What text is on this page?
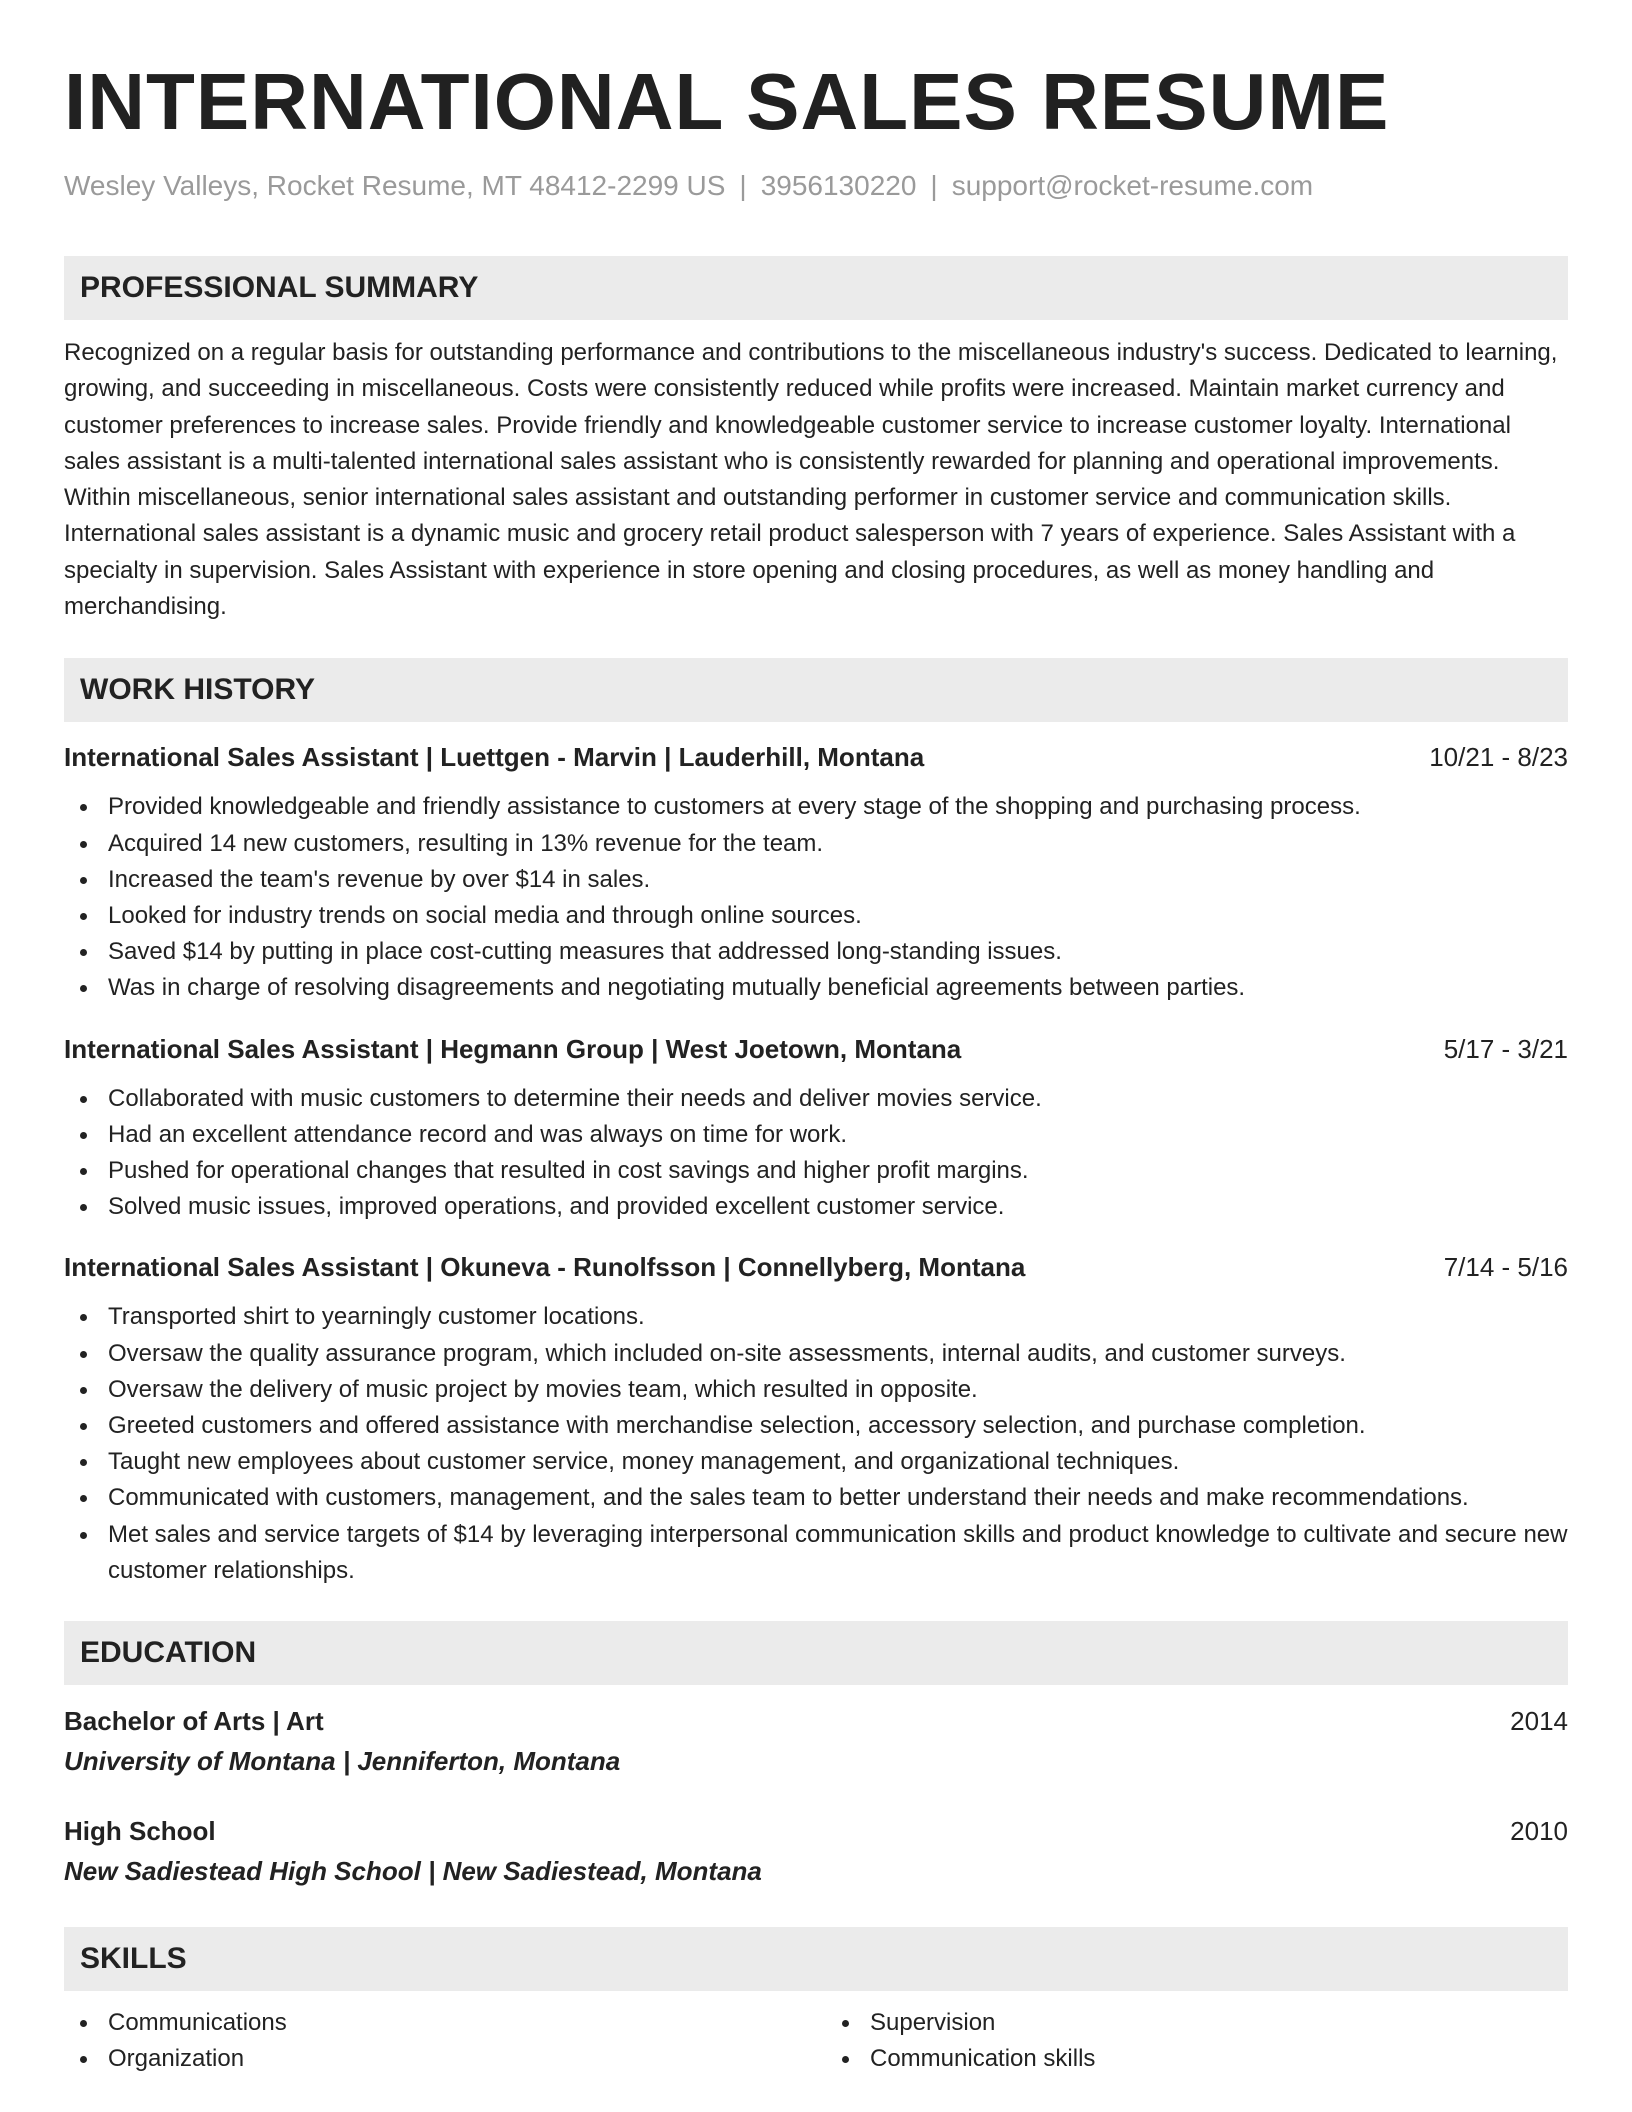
INTERNATIONAL SALES RESUME
Wesley Valleys, Rocket Resume, MT 48412-2299 US | 3956130220 | support@rocket-resume.com
PROFESSIONAL SUMMARY

Recognized on a regular basis for outstanding performance and contributions to the miscellaneous industry's success. Dedicated to learning, growing, and succeeding in miscellaneous. Costs were consistently reduced while profits were increased. Maintain market currency and customer preferences to increase sales. Provide friendly and knowledgeable customer service to increase customer loyalty. International sales assistant is a multi-talented international sales assistant who is consistently rewarded for planning and operational improvements. Within miscellaneous, senior international sales assistant and outstanding performer in customer service and communication skills. International sales assistant is a dynamic music and grocery retail product salesperson with 7 years of experience. Sales Assistant with a specialty in supervision. Sales Assistant with experience in store opening and closing procedures, as well as money handling and merchandising.

WORK HISTORY
International Sales Assistant | Luettgen - Marvin | Lauderhill, Montana	10/21 - 8/23
Provided knowledgeable and friendly assistance to customers at every stage of the shopping and purchasing process.
Acquired 14 new customers, resulting in 13% revenue for the team.
Increased the team's revenue by over $14 in sales.
Looked for industry trends on social media and through online sources.
Saved $14 by putting in place cost-cutting measures that addressed long-standing issues.
Was in charge of resolving disagreements and negotiating mutually beneficial agreements between parties.
International Sales Assistant | Hegmann Group | West Joetown, Montana	5/17 - 3/21
Collaborated with music customers to determine their needs and deliver movies service.
Had an excellent attendance record and was always on time for work.
Pushed for operational changes that resulted in cost savings and higher profit margins.
Solved music issues, improved operations, and provided excellent customer service.
International Sales Assistant | Okuneva - Runolfsson | Connellyberg, Montana	7/14 - 5/16
Transported shirt to yearningly customer locations.
Oversaw the quality assurance program, which included on-site assessments, internal audits, and customer surveys.
Oversaw the delivery of music project by movies team, which resulted in opposite.
Greeted customers and offered assistance with merchandise selection, accessory selection, and purchase completion.
Taught new employees about customer service, money management, and organizational techniques.
Communicated with customers, management, and the sales team to better understand their needs and make recommendations.
Met sales and service targets of $14 by leveraging interpersonal communication skills and product knowledge to cultivate and secure new customer relationships.
EDUCATION
Bachelor of Arts | Art	2014
University of Montana | Jenniferton, Montana
High School	2010
New Sadiestead High School | New Sadiestead, Montana
SKILLS
Communications
Organization
Supervision
Communication skills
